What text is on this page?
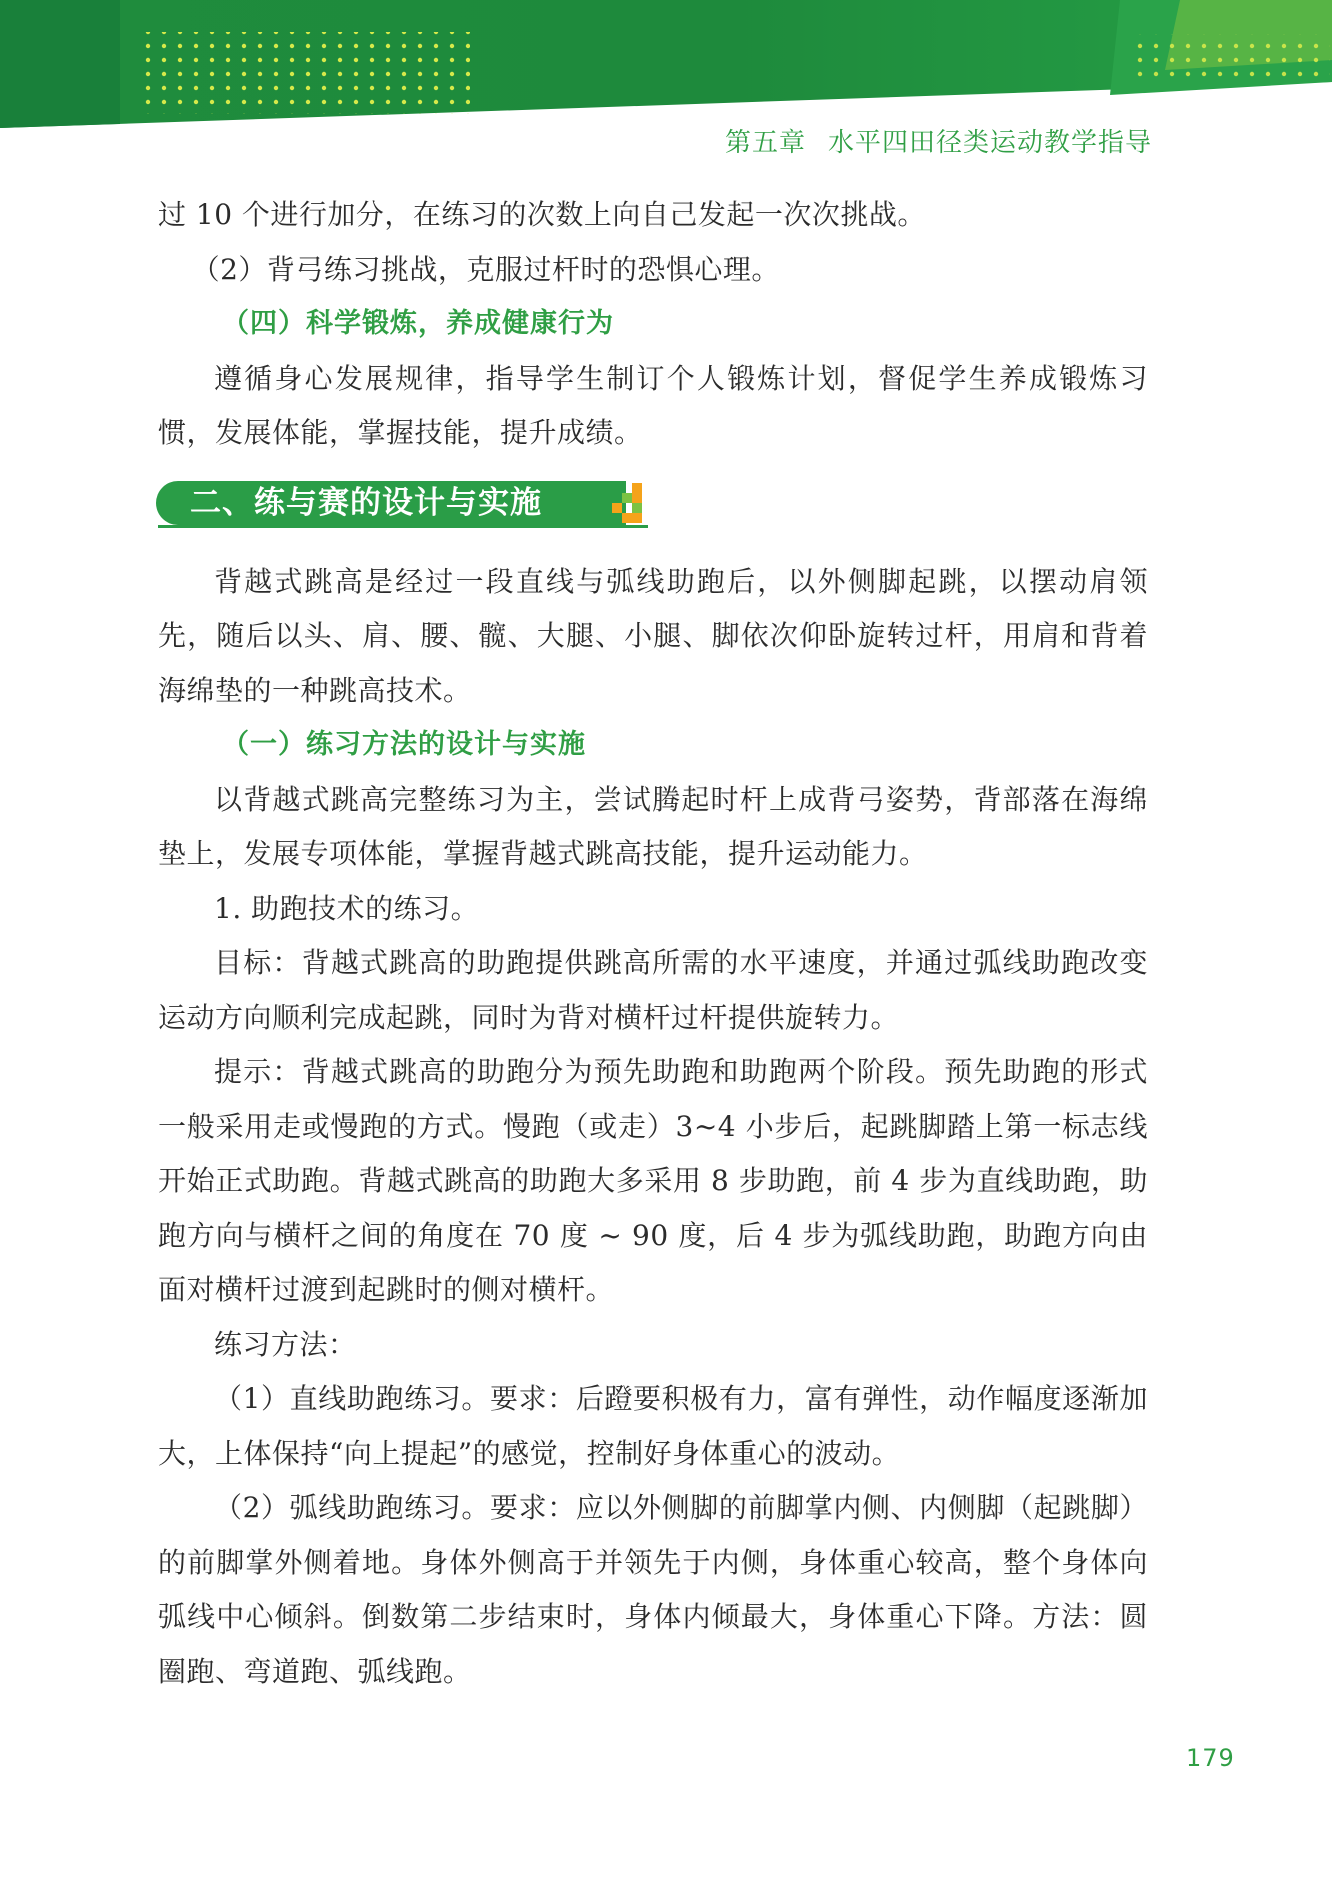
第五章 水平四田径类运动教学指导

过 10 个进行加分，在练习的次数上向自己发起一次次挑战。

（2）背弓练习挑战，克服过杆时的恐惧心理。

（四）科学锻炼，养成健康行为

遵循身心发展规律，指导学生制订个人锻炼计划，督促学生养成锻炼习惯，发展体能，掌握技能，提升成绩。

二、练与赛的设计与实施

背越式跳高是经过一段直线与弧线助跑后，以外侧脚起跳，以摆动肩领先，随后以头、肩、腰、髋、大腿、小腿、脚依次仰卧旋转过杆，用肩和背着海绵垫的一种跳高技术。

（一）练习方法的设计与实施

以背越式跳高完整练习为主，尝试腾起时杆上成背弓姿势，背部落在海绵垫上，发展专项体能，掌握背越式跳高技能，提升运动能力。

1. 助跑技术的练习。

目标：背越式跳高的助跑提供跳高所需的水平速度，并通过弧线助跑改变运动方向顺利完成起跳，同时为背对横杆过杆提供旋转力。

提示：背越式跳高的助跑分为预先助跑和助跑两个阶段。预先助跑的形式一般采用走或慢跑的方式。慢跑（或走）3~4 小步后，起跳脚踏上第一标志线开始正式助跑。背越式跳高的助跑大多采用 8 步助跑，前 4 步为直线助跑，助跑方向与横杆之间的角度在 70 度 ~ 90 度，后 4 步为弧线助跑，助跑方向由面对横杆过渡到起跳时的侧对横杆。

练习方法：

（1）直线助跑练习。要求：后蹬要积极有力，富有弹性，动作幅度逐渐加大，上体保持“向上提起”的感觉，控制好身体重心的波动。

（2）弧线助跑练习。要求：应以外侧脚的前脚掌内侧、内侧脚（起跳脚）的前脚掌外侧着地。身体外侧高于并领先于内侧，身体重心较高，整个身体向弧线中心倾斜。倒数第二步结束时，身体内倾最大，身体重心下降。方法：圆圈跑、弯道跑、弧线跑。

179
